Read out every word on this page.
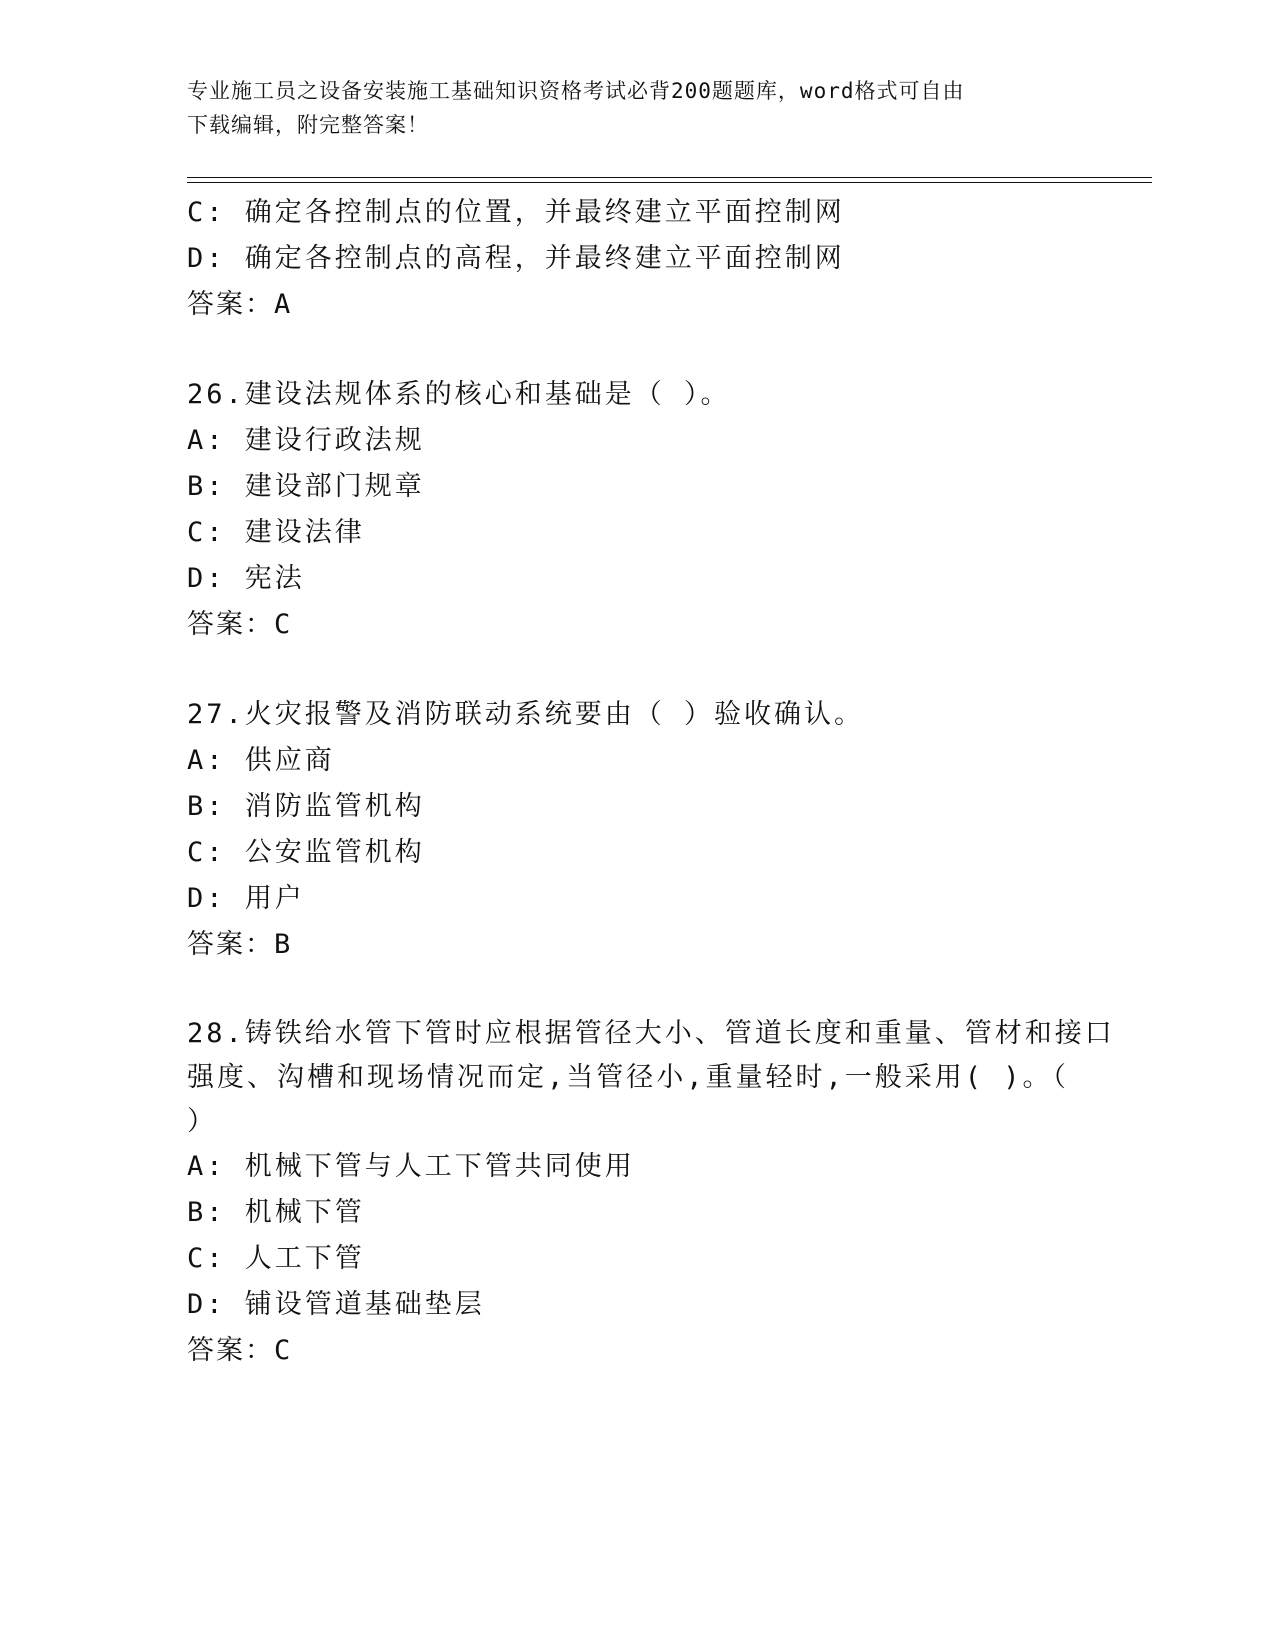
专业施工员之设备安装施工基础知识资格考试必背200题题库，word格式可自由
下载编辑，附完整答案！
C: 确定各控制点的位置，并最终建立平面控制网
D: 确定各控制点的高程，并最终建立平面控制网
答案：A
26.建设法规体系的核心和基础是（ ）。
A: 建设行政法规
B: 建设部门规章
C: 建设法律
D: 宪法
答案：C
27.火灾报警及消防联动系统要由（ ）验收确认。
A: 供应商
B: 消防监管机构
C: 公安监管机构
D: 用户
答案：B
28.铸铁给水管下管时应根据管径大小、管道长度和重量、管材和接口
强度、沟槽和现场情况而定,当管径小,重量轻时,一般采用( )。（
）
A: 机械下管与人工下管共同使用
B: 机械下管
C: 人工下管
D: 铺设管道基础垫层
答案：C
